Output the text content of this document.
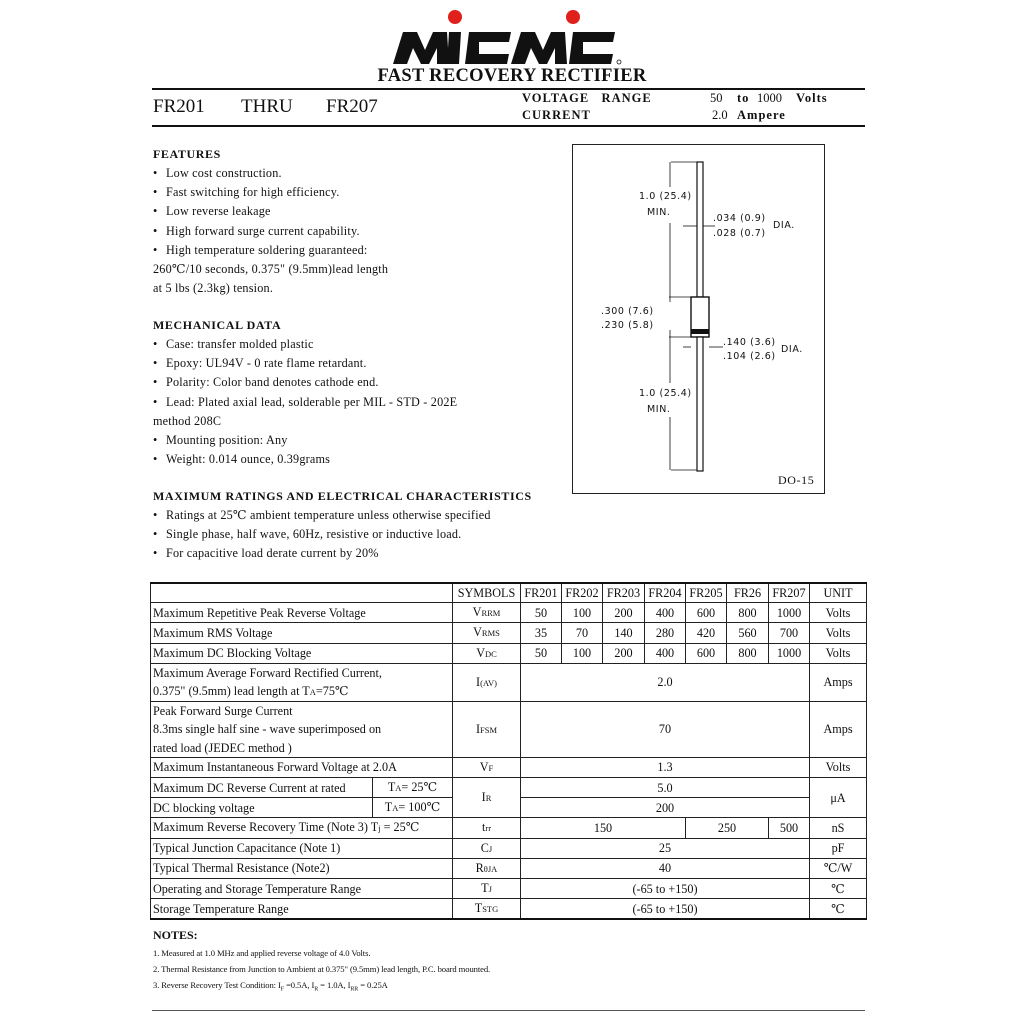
FAST RECOVERY RECTIFIER
FR201 THRU FR207	VOLTAGE   RANGE	50 to 1000 Volts
CURRENT	2.0 Ampere
FEATURES
• Low cost construction.
• Fast switching for high efficiency.
• Low reverse leakage
• High forward surge current capability.
• High temperature soldering guaranteed:
260℃/10 seconds, 0.375" (9.5mm)lead length
at 5 lbs (2.3kg) tension.
MECHANICAL DATA
• Case: transfer molded plastic
• Epoxy: UL94V - 0 rate flame retardant.
• Polarity: Color band denotes cathode end.
• Lead: Plated axial lead, solderable per MIL - STD - 202E
method 208C
• Mounting position: Any
• Weight: 0.014 ounce, 0.39grams
1.0 (25.4)
MIN.
.034 (0.9)
.028 (0.7)
DIA.
.300 (7.6)
.230 (5.8)
.140 (3.6)
.104 (2.6)
DIA.
1.0 (25.4)
MIN.
DO-15
MAXIMUM RATINGS AND ELECTRICAL CHARACTERISTICS
• Ratings at 25℃ ambient temperature unless otherwise specified
• Single phase, half wave, 60Hz, resistive or inductive load.
• For capacitive load derate current by 20%
		SYMBOLS	FR201	FR202	FR203	FR204	FR205	FR26	FR207	UNIT
Maximum Repetitive Peak Reverse Voltage		VRRM	50	100	200	400	600	800	1000	Volts
Maximum RMS Voltage		VRMS	35	70	140	280	420	560	700	Volts
Maximum DC Blocking Voltage		VDC	50	100	200	400	600	800	1000	Volts

Maximum Average Forward Rectified Current,
0.375" (9.5mm) lead length at TA=75℃		I(AV)	2.0							Amps

Peak Forward Surge Current
8.3ms single half sine - wave superimposed on
rated load (JEDEC method )		IFSM	70							Amps
Maximum Instantaneous Forward Voltage at 2.0A		VF	1.3							Volts
Maximum DC Reverse Current at rated	TA= 25℃	IR	5.0							μA
DC blocking voltage	TA= 100℃		200							
Maximum Reverse Recovery Time (Note 3) Tj = 25℃		trr	150				250		500	nS
Typical Junction Capacitance (Note 1)		CJ	25							pF
Typical Thermal Resistance (Note2)		RθJA	40							℃/W
Operating and Storage Temperature Range		TJ	(-65 to +150)							℃
Storage Temperature Range		TSTG	(-65 to +150)							℃
NOTES:
1. Measured at 1.0 MHz and applied reverse voltage of 4.0 Volts.
2. Thermal Resistance from Junction to Ambient at 0.375" (9.5mm) lead length, P.C. board mounted.
3. Reverse Recovery Test Condition: $I_F =0.5A$, $I_R = 1.0A$, $I_{RR} = 0.25A$
